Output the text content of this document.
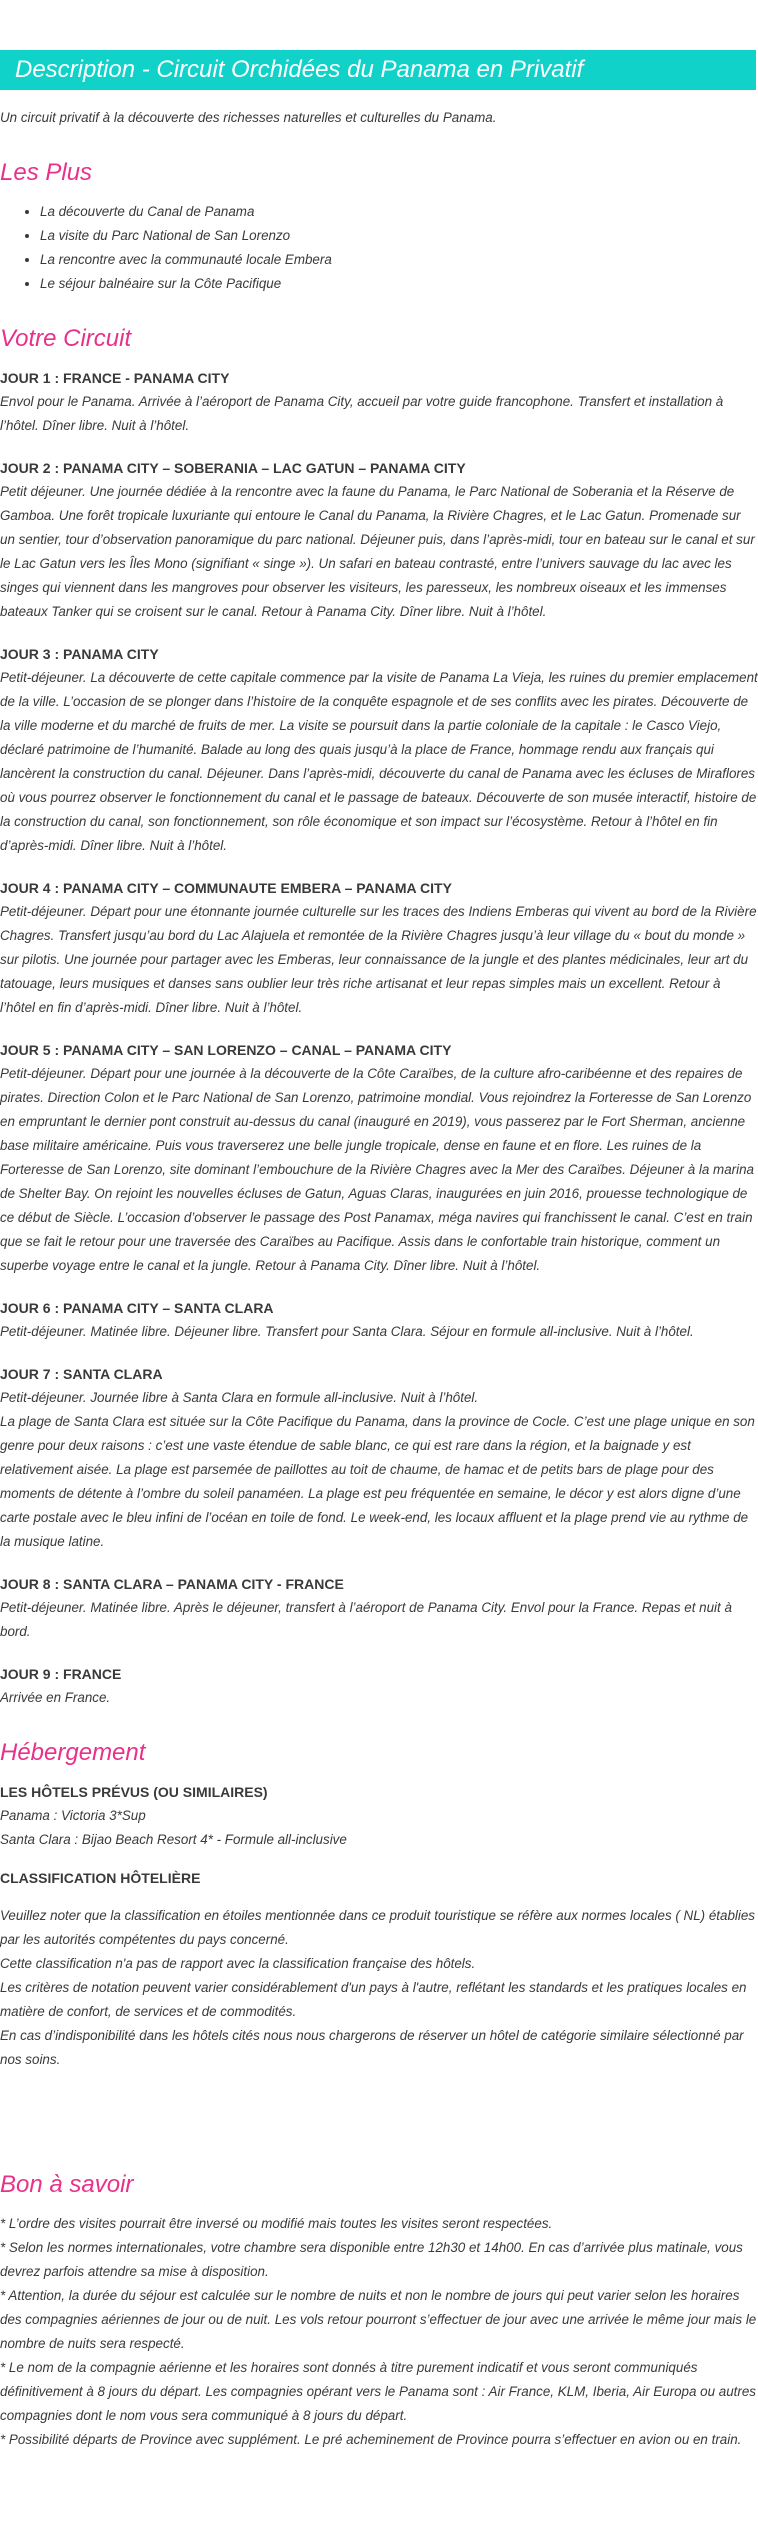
Description - Circuit Orchidées du Panama en Privatif

Un circuit privatif à la découverte des richesses naturelles et culturelles du Panama.

Les Plus
• La découverte du Canal de Panama
• La visite du Parc National de San Lorenzo
• La rencontre avec la communauté locale Embera
• Le séjour balnéaire sur la Côte Pacifique
Votre Circuit
JOUR 1 : FRANCE - PANAMA CITY

Envol pour le Panama. Arrivée à l’aéroport de Panama City, accueil par votre guide francophone. Transfert et installation à l’hôtel. Dîner libre. Nuit à l’hôtel.

JOUR 2 : PANAMA CITY – SOBERANIA – LAC GATUN – PANAMA CITY

Petit déjeuner. Une journée dédiée à la rencontre avec la faune du Panama, le Parc National de Soberania et la Réserve de Gamboa. Une forêt tropicale luxuriante qui entoure le Canal du Panama, la Rivière Chagres, et le Lac Gatun. Promenade sur un sentier, tour d’observation panoramique du parc national. Déjeuner puis, dans l’après-midi, tour en bateau sur le canal et sur le Lac Gatun vers les Îles Mono (signifiant « singe »). Un safari en bateau contrasté, entre l’univers sauvage du lac avec les singes qui viennent dans les mangroves pour observer les visiteurs, les paresseux, les nombreux oiseaux et les immenses bateaux Tanker qui se croisent sur le canal. Retour à Panama City. Dîner libre. Nuit à l’hôtel.

JOUR 3 : PANAMA CITY

Petit-déjeuner. La découverte de cette capitale commence par la visite de Panama La Vieja, les ruines du premier emplacement de la ville. L’occasion de se plonger dans l’histoire de la conquête espagnole et de ses conflits avec les pirates. Découverte de la ville moderne et du marché de fruits de mer. La visite se poursuit dans la partie coloniale de la capitale : le Casco Viejo, déclaré patrimoine de l’humanité. Balade au long des quais jusqu’à la place de France, hommage rendu aux français qui lancèrent la construction du canal. Déjeuner. Dans l’après-midi, découverte du canal de Panama avec les écluses de Miraflores où vous pourrez observer le fonctionnement du canal et le passage de bateaux. Découverte de son musée interactif, histoire de la construction du canal, son fonctionnement, son rôle économique et son impact sur l’écosystème. Retour à l’hôtel en fin d’après-midi. Dîner libre. Nuit à l’hôtel.

JOUR 4 : PANAMA CITY – COMMUNAUTE EMBERA – PANAMA CITY

Petit-déjeuner. Départ pour une étonnante journée culturelle sur les traces des Indiens Emberas qui vivent au bord de la Rivière Chagres. Transfert jusqu’au bord du Lac Alajuela et remontée de la Rivière Chagres jusqu’à leur village du « bout du monde » sur pilotis. Une journée pour partager avec les Emberas, leur connaissance de la jungle et des plantes médicinales, leur art du tatouage, leurs musiques et danses sans oublier leur très riche artisanat et leur repas simples mais un excellent. Retour à l’hôtel en fin d’après-midi. Dîner libre. Nuit à l’hôtel.

JOUR 5 : PANAMA CITY – SAN LORENZO – CANAL – PANAMA CITY

Petit-déjeuner. Départ pour une journée à la découverte de la Côte Caraïbes, de la culture afro-caribéenne et des repaires de pirates. Direction Colon et le Parc National de San Lorenzo, patrimoine mondial. Vous rejoindrez la Forteresse de San Lorenzo en empruntant le dernier pont construit au-dessus du canal (inauguré en 2019), vous passerez par le Fort Sherman, ancienne base militaire américaine. Puis vous traverserez une belle jungle tropicale, dense en faune et en flore. Les ruines de la Forteresse de San Lorenzo, site dominant l’embouchure de la Rivière Chagres avec la Mer des Caraïbes. Déjeuner à la marina de Shelter Bay. On rejoint les nouvelles écluses de Gatun, Aguas Claras, inaugurées en juin 2016, prouesse technologique de ce début de Siècle. L’occasion d’observer le passage des Post Panamax, méga navires qui franchissent le canal. C’est en train que se fait le retour pour une traversée des Caraïbes au Pacifique. Assis dans le confortable train historique, comment un superbe voyage entre le canal et la jungle. Retour à Panama City. Dîner libre. Nuit à l’hôtel.

JOUR 6 : PANAMA CITY – SANTA CLARA

Petit-déjeuner. Matinée libre. Déjeuner libre. Transfert pour Santa Clara. Séjour en formule all-inclusive. Nuit à l’hôtel.

JOUR 7 : SANTA CLARA

Petit-déjeuner. Journée libre à Santa Clara en formule all-inclusive. Nuit à l’hôtel.

La plage de Santa Clara est située sur la Côte Pacifique du Panama, dans la province de Cocle. C’est une plage unique en son genre pour deux raisons : c’est une vaste étendue de sable blanc, ce qui est rare dans la région, et la baignade y est relativement aisée. La plage est parsemée de paillottes au toit de chaume, de hamac et de petits bars de plage pour des moments de détente à l’ombre du soleil panaméen. La plage est peu fréquentée en semaine, le décor y est alors digne d’une carte postale avec le bleu infini de l’océan en toile de fond. Le week-end, les locaux affluent et la plage prend vie au rythme de la musique latine.

JOUR 8 : SANTA CLARA – PANAMA CITY - FRANCE

Petit-déjeuner. Matinée libre. Après le déjeuner, transfert à l’aéroport de Panama City. Envol pour la France. Repas et nuit à bord.

JOUR 9 : FRANCE

Arrivée en France.

Hébergement
LES HÔTELS PRÉVUS (OU SIMILAIRES)

Panama : Victoria 3*Sup

Santa Clara : Bijao Beach Resort 4* - Formule all-inclusive

CLASSIFICATION HÔTELIÈRE

Veuillez noter que la classification en étoiles mentionnée dans ce produit touristique se réfère aux normes locales ( NL) établies par les autorités compétentes du pays concerné.

Cette classification n'a pas de rapport avec la classification française des hôtels.

Les critères de notation peuvent varier considérablement d'un pays à l'autre, reflétant les standards et les pratiques locales en matière de confort, de services et de commodités.

En cas d’indisponibilité dans les hôtels cités nous nous chargerons de réserver un hôtel de catégorie similaire sélectionné par nos soins.

Bon à savoir

* L’ordre des visites pourrait être inversé ou modifié mais toutes les visites seront respectées.

* Selon les normes internationales, votre chambre sera disponible entre 12h30 et 14h00. En cas d’arrivée plus matinale, vous devrez parfois attendre sa mise à disposition.

* Attention, la durée du séjour est calculée sur le nombre de nuits et non le nombre de jours qui peut varier selon les horaires des compagnies aériennes de jour ou de nuit. Les vols retour pourront s’effectuer de jour avec une arrivée le même jour mais le nombre de nuits sera respecté.

* Le nom de la compagnie aérienne et les horaires sont donnés à titre purement indicatif et vous seront communiqués définitivement à 8 jours du départ. Les compagnies opérant vers le Panama sont : Air France, KLM, Iberia, Air Europa ou autres compagnies dont le nom vous sera communiqué à 8 jours du départ.

* Possibilité départs de Province avec supplément. Le pré acheminement de Province pourra s’effectuer en avion ou en train.
